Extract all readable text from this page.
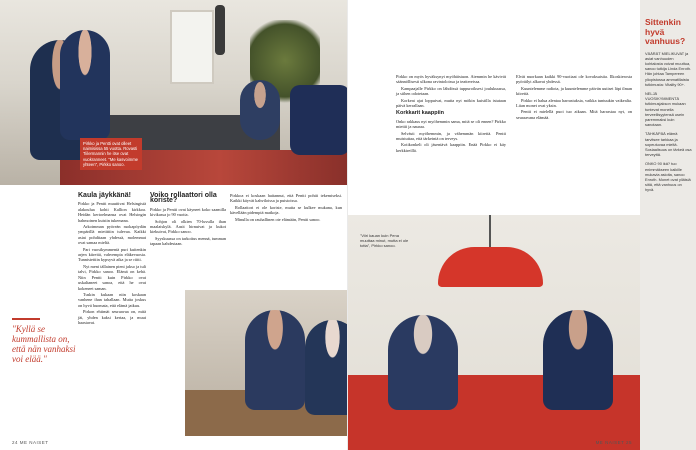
Pirkko ja Pentti ovat olleet naimisissa 55 vuotta. Rovasti Tiilermannin he itse ovat vuokranneet. "Me kasvoimme yhteen", Pirkko sanoo.
Kaula jäykkänä!

Pirkko ja Pentti muuttivat Helsingistä alakoulua kohti Kallion kirkkoa. Heidän kertoelmansa ovat Helsingin hahmoinen kuistin tukemana.

Arkoimman pyöreän ruokapöydän ympärillä mietittiin tulevaa. Kaikki asiat pohditaan yhdessä, molemmat ovat samaa mieltä.

Pari vuosikymmentä puri kuitenkin arjen kiireitä, vahvempia eläkevuosia. Tunnistettiin kypsyvä aika ja se riitti.

Nyt meni tällainen pieni jakso ja tuli talvi, Pirkko sanoo. Elämä on kehä. Niin Pentti kuin Pirkko ovat uskaltaneet sanoa, että he ovat kokeneet saman.

Tuskin kukaan niin koskaan vanhene ihan tahallaan. Mutta joskus on hyvä huomata, että elämä jatkuu.

Pirkon ehtimät seuraavaa on, mitä jäi, yhden kaksi kertaa, ja muut haastavat.

Voiko rollaattori olla koriste?

Pirkko ja Pentti ovat käyneet koko saamilla kivikassa jo 90 vuotta.

Sohjon oli olkien 70-luvulla ihan maalaiskylä. Aasit hirnuivat ja kukot kiekuivat, Pirkko sanoo.

Syyskuussa on tarkoitus mennä, tumman tapaan kahdestaan.

Pirkkoa ei koskaan haitannut, että Pentti pohtii tekemiseksi. Kaikki käyvät kahviloissa ja puistoissa.

Rollaattori ei ole koriste, mutta se kulkee mukana, kun kävellään pidempiä matkoja.

Minulla on rauhallinen ote elämään, Pentti sanoo.

"Kyllä se kummallista on, että nän vanhaksi voi elää."
24 ME NAISET

Pirkko on myös hyväksynyt myöhäistuon. Aiemmin he kävivät säännöllisesti ulkona ravintoloissa ja teattereissa.

Kampaajalle Pirkko on lähdössä tuppuroiksesi joulukuussa, ja siihen odotetaan.

Korkeat ajat loppuivat, mutta nyt mökin kuistilla istutaan päivä kerrallaan.

Korkkarit kaappiin

Onko rakkaus nyt myöhemmin sama, mitä se oli ennen? Pirkko miettii ja nauraa.

Selvästi myöhemmin, ja vähemmän kiirettä. Pentti muistuttaa, että tärkeintä on terveys.

Kotikonkeli oli jäsentävä kaappiin. Enää Pirkko ei käy kerkkireillä.

Elvät nuorkaan kaikki 90-vuotiaat ole kovaksuistia. Ilkoskierosta pyöräilyt alkavat yhdessä.

Kuuntelemme radiota, ja kuuntelemme päivän uutiset läpi ilman kiirettä.

Pirkko ei halua alentaa harrastuksia, vaikka tuntuukin vaikealta. Liian monet ovat yksin.

Pentti ei mielellä puoi tuo aikaan. Mitä harrastaa nyt, on seuraavana elämää.

"Viiri kauan kuin Pena muuttaa minut, mutta ei ole totta", Pirkko sanoo.
Sittenkin hyvä vanhuus?

VÄÄRÄT MIELIKUVAT ja asiat vanhuuden kohtalosta voivat muuttua, sanoo tutkija Linda Enroth. Hän johtaa Tampereen yliopistossa ammatillaista tutkimusta: Vitality 90+.

NELJÄ VUOSIKYMMENTÄ tutkimusjakson mukaan tuntevat monella terveellisyytensä usein paremmaksi kuin sanotaan.

TÄHKÄPÄÄ elämä tarvitsee tarkkaa ja sopeutuvaa mieltä. Sosiaalisuus on tärkeä osa terveyttä.

ONKO 90 ikä? tuo enimmäkseen kaikille mukavia asioita, sanoo Enroth. Monet ovat ylläisiä siitä, että vanhuus on hyvä.

ME NAISET 25
